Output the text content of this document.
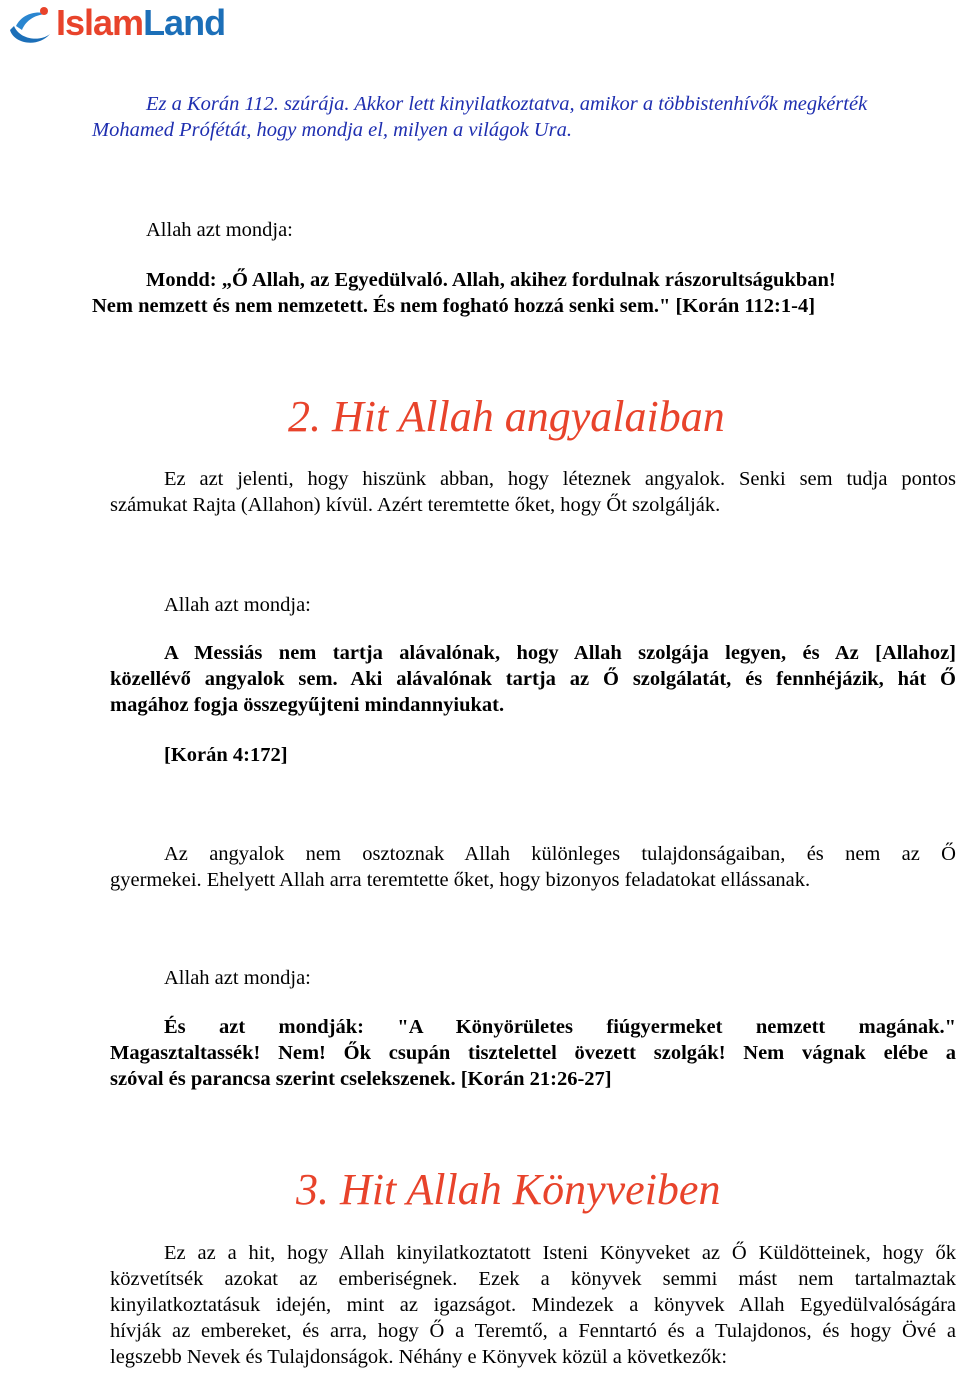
IslamLand
Ez a Korán 112. szúrája. Akkor lett kinyilatkoztatva, amikor a többistenhívők megkérték
Mohamed Prófétát, hogy mondja el, milyen a világok Ura.
Allah azt mondja:
Mondd: „Ő Allah, az Egyedülvaló. Allah, akihez fordulnak rászorultságukban!
Nem nemzett és nem nemzetett. És nem fogható hozzá senki sem." [Korán 112:1-4]
2. Hit Allah angyalaiban
Ez azt jelenti, hogy hiszünk abban, hogy léteznek angyalok. Senki sem tudja pontos
számukat Rajta (Allahon) kívül. Azért teremtette őket, hogy Őt szolgálják.
Allah azt mondja:
A Messiás nem tartja alávalónak, hogy Allah szolgája legyen, és Az [Allahoz]
közellévő angyalok sem. Aki alávalónak tartja az Ő szolgálatát, és fennhéjázik, hát Ő
magához fogja összegyűjteni mindannyiukat.
[Korán 4:172]
Az angyalok nem osztoznak Allah különleges tulajdonságaiban, és nem az Ő
gyermekei. Ehelyett Allah arra teremtette őket, hogy bizonyos feladatokat ellássanak.
Allah azt mondja:
És azt mondják: "A Könyörületes fiúgyermeket nemzett magának."
Magasztaltassék! Nem! Ők csupán tisztelettel övezett szolgák! Nem vágnak elébe a
szóval és parancsa szerint cselekszenek. [Korán 21:26-27]
3. Hit Allah Könyveiben
Ez az a hit, hogy Allah kinyilatkoztatott Isteni Könyveket az Ő Küldötteinek, hogy ők
közvetítsék azokat az emberiségnek. Ezek a könyvek semmi mást nem tartalmaztak
kinyilatkoztatásuk idején, mint az igazságot. Mindezek a könyvek Allah Egyedülvalóságára
hívják az embereket, és arra, hogy Ő a Teremtő, a Fenntartó és a Tulajdonos, és hogy Övé a
legszebb Nevek és Tulajdonságok. Néhány e Könyvek közül a következők:
